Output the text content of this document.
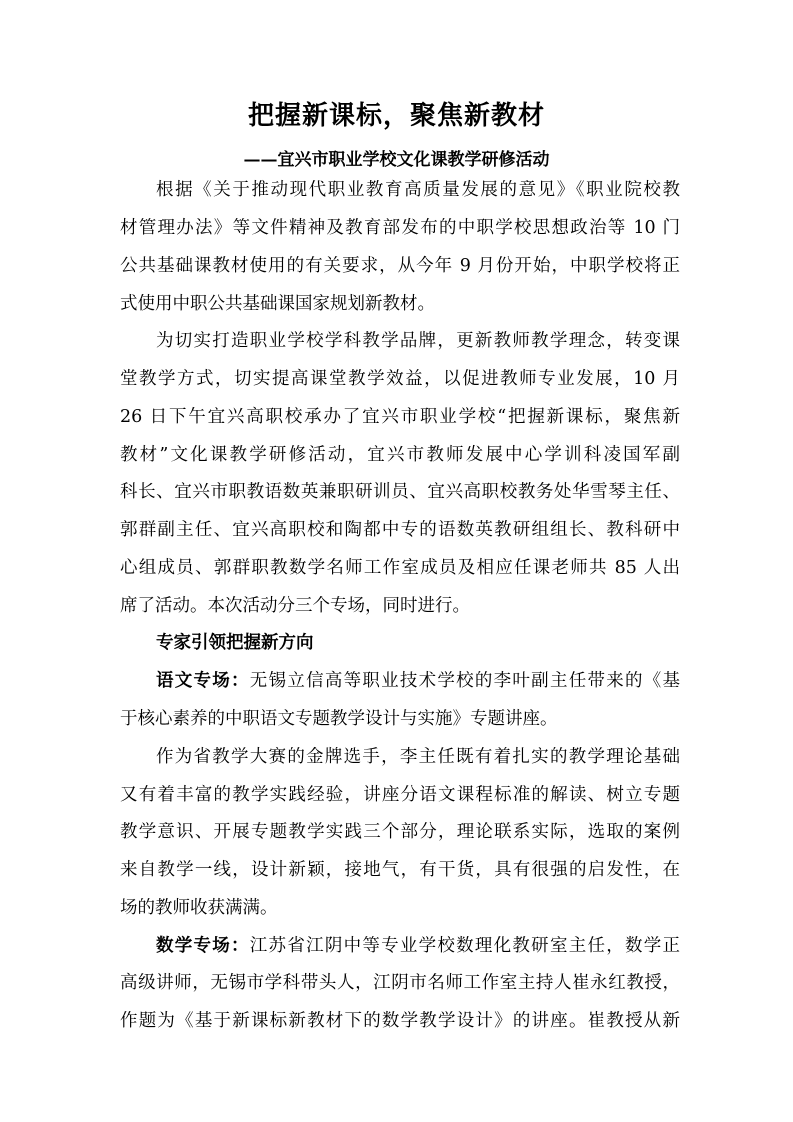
把握新课标，聚焦新教材
——宜兴市职业学校文化课教学研修活动
根据《关于推动现代职业教育高质量发展的意见》《职业院校教
材管理办法》等文件精神及教育部发布的中职学校思想政治等 10 门
公共基础课教材使用的有关要求，从今年 9 月份开始，中职学校将正
式使用中职公共基础课国家规划新教材。
为切实打造职业学校学科教学品牌，更新教师教学理念，转变课
堂教学方式，切实提高课堂教学效益，以促进教师专业发展，10 月
26 日下午宜兴高职校承办了宜兴市职业学校“把握新课标，聚焦新
教材”文化课教学研修活动，宜兴市教师发展中心学训科凌国军副
科长、宜兴市职教语数英兼职研训员、宜兴高职校教务处华雪琴主任、
郭群副主任、宜兴高职校和陶都中专的语数英教研组组长、教科研中
心组成员、郭群职教数学名师工作室成员及相应任课老师共 85 人出
席了活动。本次活动分三个专场，同时进行。
专家引领把握新方向
语文专场：无锡立信高等职业技术学校的李叶副主任带来的《基
于核心素养的中职语文专题教学设计与实施》专题讲座。
作为省教学大赛的金牌选手，李主任既有着扎实的教学理论基础
又有着丰富的教学实践经验，讲座分语文课程标准的解读、树立专题
教学意识、开展专题教学实践三个部分，理论联系实际，选取的案例
来自教学一线，设计新颖，接地气，有干货，具有很强的启发性，在
场的教师收获满满。
数学专场：江苏省江阴中等专业学校数理化教研室主任，数学正
高级讲师，无锡市学科带头人，江阴市名师工作室主持人崔永红教授，
作题为《基于新课标新教材下的数学教学设计》的讲座。崔教授从新
